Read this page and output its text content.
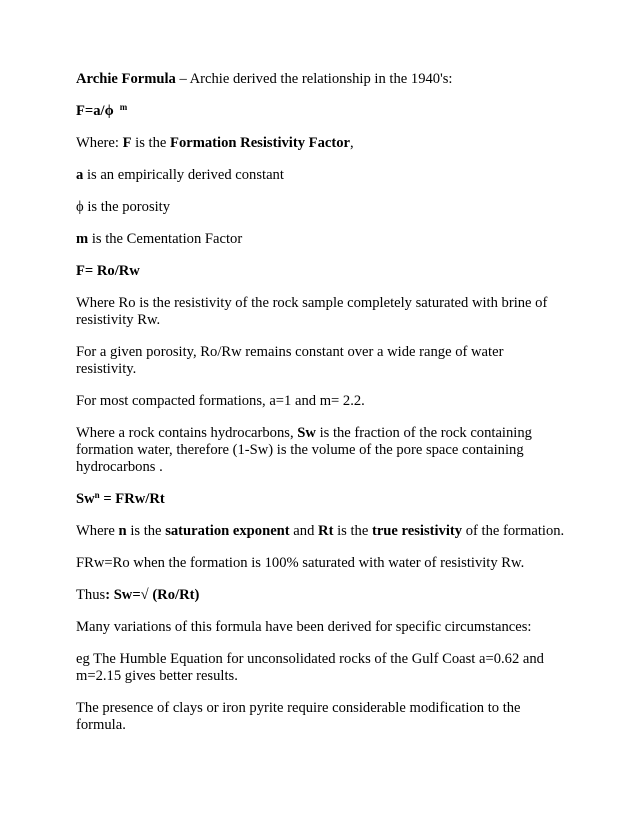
Archie Formula – Archie derived the relationship in the 1940's:

F=a/ϕ $^m$

Where: F is the Formation Resistivity Factor,

a is an empirically derived constant

ϕ is the porosity

m is the Cementation Factor

F= Ro/Rw

Where Ro is the resistivity of the rock sample completely saturated with brine of resistivity Rw.

For a given porosity, Ro/Rw remains constant over a wide range of water resistivity.

For most compacted formations, a=1 and m= 2.2.

Where a rock contains hydrocarbons, Sw is the fraction of the rock containing formation water, therefore (1-Sw) is the volume of the pore space containing hydrocarbons .

$Sw^n = FRw/Rt$

Where n is the saturation exponent and Rt is the true resistivity of the formation.

FRw=Ro when the formation is 100% saturated with water of resistivity Rw.

Thus: Sw=√ (Ro/Rt)

Many variations of this formula have been derived for specific circumstances:

eg The Humble Equation for unconsolidated rocks of the Gulf Coast a=0.62 and m=2.15 gives better results.

The presence of clays or iron pyrite require considerable modification to the formula.
